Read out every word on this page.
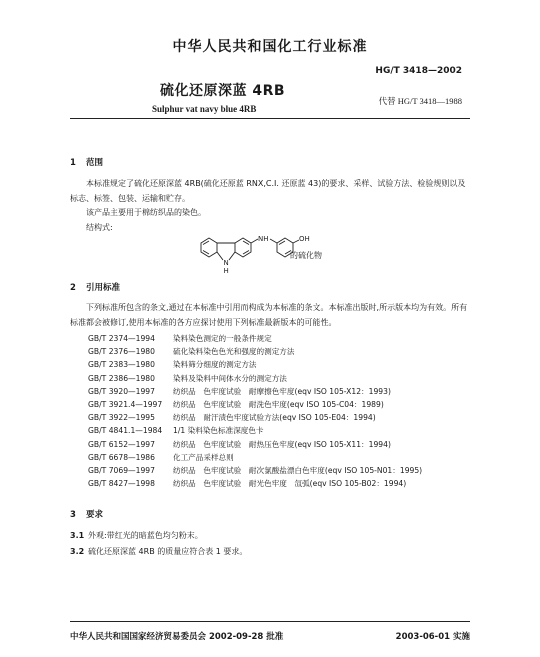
中华人民共和国化工行业标准
HG/T 3418—2002
硫化还原深蓝 4RB
代替 HG/T 3418—1988
Sulphur vat navy blue 4RB
1 范围
本标准规定了硫化还原深蓝 4RB(硫化还原蓝 RNX,C.I. 还原蓝 43)的要求、采样、试验方法、检验规则以及标志、标签、包装、运输和贮存。
该产品主要用于棉纺织品的染色。
结构式:
NH
N
H
OH
的硫化物
2 引用标准
下列标准所包含的条文,通过在本标准中引用而构成为本标准的条文。本标准出版时,所示版本均为有效。所有标准都会被修订,使用本标准的各方应探讨使用下列标准最新版本的可能性。
GB/T 2374—1994 染料染色测定的一般条件规定
GB/T 2376—1980 硫化染料染色色光和强度的测定方法
GB/T 2383—1980 染料筛分细度的测定方法
GB/T 2386—1980 染料及染料中间体水分的测定方法
GB/T 3920—1997 纺织品　色牢度试验　耐摩擦色牢度(eqv ISO 105-X12：1993)
GB/T 3921.4—1997 纺织品　色牢度试验　耐洗色牢度(eqv ISO 105-C04：1989)
GB/T 3922—1995 纺织品　耐汗渍色牢度试验方法(eqv ISO 105-E04：1994)
GB/T 4841.1—1984 1/1 染料染色标准深度色卡
GB/T 6152—1997 纺织品　色牢度试验　耐热压色牢度(eqv ISO 105-X11：1994)
GB/T 6678—1986 化工产品采样总则
GB/T 7069—1997 纺织品　色牢度试验　耐次氯酸盐漂白色牢度(eqv ISO 105-N01：1995)
GB/T 8427—1998 纺织品　色牢度试验　耐光色牢度　氙弧(eqv ISO 105-B02：1994)
3 要求
3.1 外观:带红光的暗蓝色均匀粉末。
3.2 硫化还原深蓝 4RB 的质量应符合表 1 要求。
中华人民共和国国家经济贸易委员会 2002-09-28 批准	2003-06-01 实施
